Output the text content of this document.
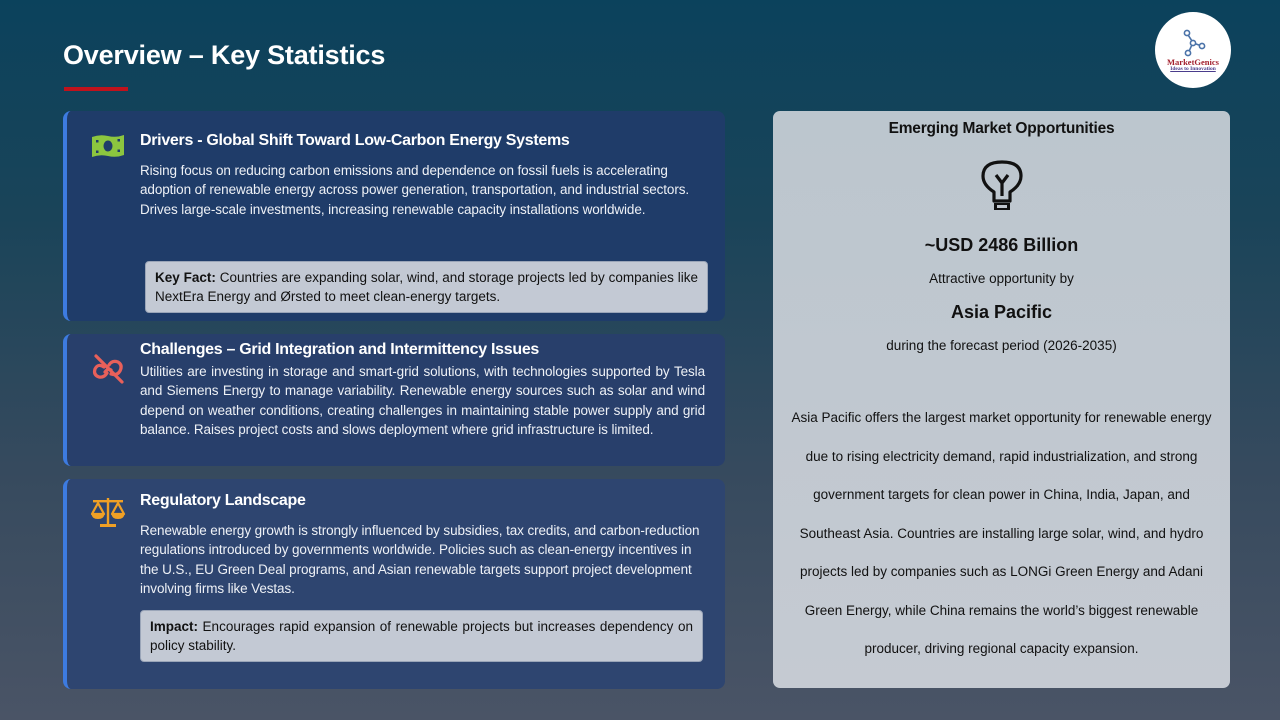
Overview – Key Statistics	MarketGenics
Ideas to Innovation
Drivers - Global Shift Toward Low-Carbon Energy Systems
Rising focus on reducing carbon emissions and dependence on fossil fuels is accelerating adoption of renewable energy across power generation, transportation, and industrial sectors. Drives large-scale investments, increasing renewable capacity installations worldwide.
Key Fact: Countries are expanding solar, wind, and storage projects led by companies like NextEra Energy and Ørsted to meet clean-energy targets.
Challenges – Grid Integration and Intermittency Issues
Utilities are investing in storage and smart-grid solutions, with technologies supported by Tesla and Siemens Energy to manage variability. Renewable energy sources such as solar and wind depend on weather conditions, creating challenges in maintaining stable power supply and grid balance. Raises project costs and slows deployment where grid infrastructure is limited.
Regulatory Landscape
Renewable energy growth is strongly influenced by subsidies, tax credits, and carbon-reduction regulations introduced by governments worldwide. Policies such as clean-energy incentives in the U.S., EU Green Deal programs, and Asian renewable targets support project development involving firms like Vestas.
Impact: Encourages rapid expansion of renewable projects but increases dependency on policy stability.
Emerging Market Opportunities
~USD 2486 Billion
Attractive opportunity by
Asia Pacific
during the forecast period (2026-2035)
Asia Pacific offers the largest market opportunity for renewable energy due to rising electricity demand, rapid industrialization, and strong government targets for clean power in China, India, Japan, and Southeast Asia. Countries are installing large solar, wind, and hydro projects led by companies such as LONGi Green Energy and Adani Green Energy, while China remains the world’s biggest renewable producer, driving regional capacity expansion.
